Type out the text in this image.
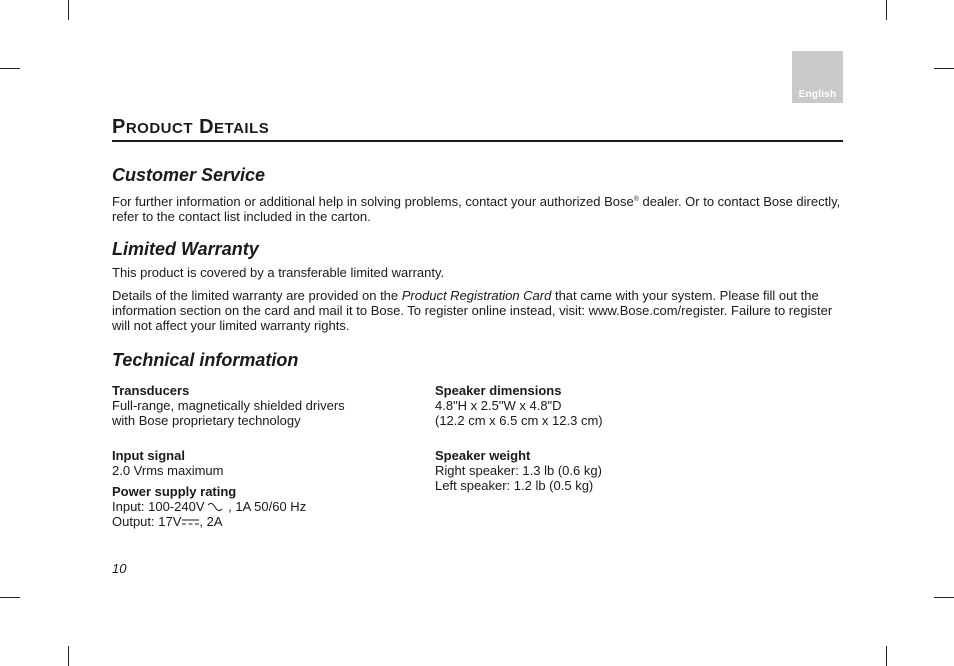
English
PRODUCT DETAILS
Customer Service

For further information or additional help in solving problems, contact your authorized Bose® dealer. Or to contact Bose directly, refer to the contact list included in the carton.

Limited Warranty

This product is covered by a transferable limited warranty.

Details of the limited warranty are provided on the Product Registration Card that came with your system. Please fill out the information section on the card and mail it to Bose. To register online instead, visit: www.Bose.com/register. Failure to register will not affect your limited warranty rights.

Technical information
Transducers
Full-range, magnetically shielded drivers
with Bose proprietary technology
Input signal
2.0 Vrms maximum
Power supply rating
Input: 100-240V , 1A 50/60 Hz
Output: 17V , 2A
Speaker dimensions
4.8"H x 2.5"W x 4.8"D
(12.2 cm x 6.5 cm x 12.3 cm)
Speaker weight
Right speaker: 1.3 lb (0.6 kg)
Left speaker: 1.2 lb (0.5 kg)
10
